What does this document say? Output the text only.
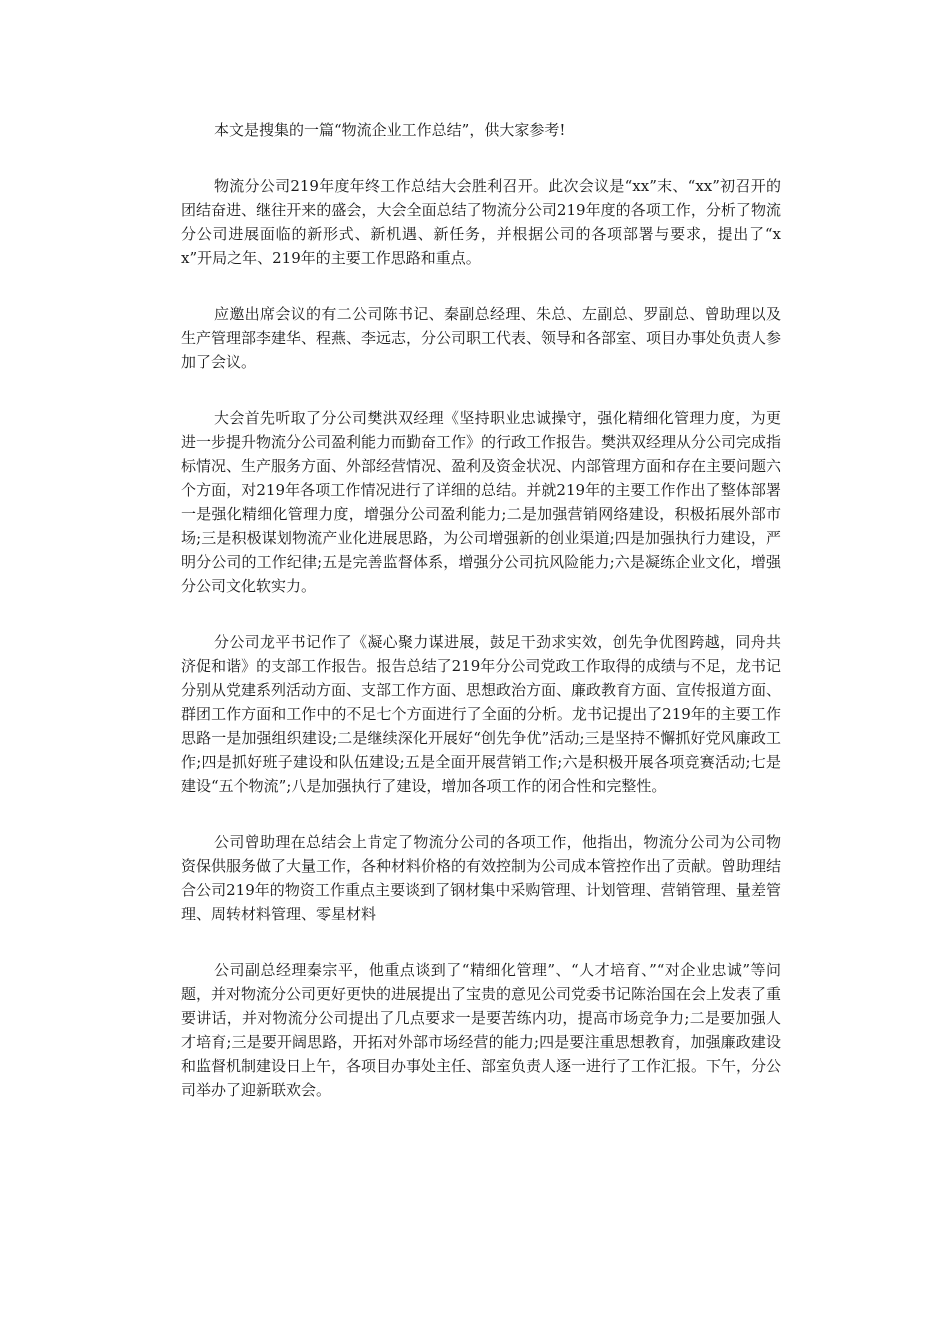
本文是搜集的一篇“物流企业工作总结”，供大家参考!

物流分公司219年度年终工作总结大会胜利召开。此次会议是“xx”末、“xx”初召开的团结奋进、继往开来的盛会，大会全面总结了物流分公司219年度的各项工作，分析了物流分公司进展面临的新形式、新机遇、新任务，并根据公司的各项部署与要求，提出了“xx”开局之年、219年的主要工作思路和重点。

应邀出席会议的有二公司陈书记、秦副总经理、朱总、左副总、罗副总、曾助理以及生产管理部李建华、程燕、李远志，分公司职工代表、领导和各部室、项目办事处负责人参加了会议。

大会首先听取了分公司樊洪双经理《坚持职业忠诚操守，强化精细化管理力度，为更进一步提升物流分公司盈利能力而勤奋工作》的行政工作报告。樊洪双经理从分公司完成指标情况、生产服务方面、外部经营情况、盈利及资金状况、内部管理方面和存在主要问题六个方面，对219年各项工作情况进行了详细的总结。并就219年的主要工作作出了整体部署一是强化精细化管理力度，增强分公司盈利能力;二是加强营销网络建设，积极拓展外部市场;三是积极谋划物流产业化进展思路，为公司增强新的创业渠道;四是加强执行力建设，严明分公司的工作纪律;五是完善监督体系，增强分公司抗风险能力;六是凝练企业文化，增强分公司文化软实力。

分公司龙平书记作了《凝心聚力谋进展，鼓足干劲求实效，创先争优图跨越，同舟共济促和谐》的支部工作报告。报告总结了219年分公司党政工作取得的成绩与不足，龙书记分别从党建系列活动方面、支部工作方面、思想政治方面、廉政教育方面、宣传报道方面、群团工作方面和工作中的不足七个方面进行了全面的分析。龙书记提出了219年的主要工作思路一是加强组织建设;二是继续深化开展好“创先争优”活动;三是坚持不懈抓好党风廉政工作;四是抓好班子建设和队伍建设;五是全面开展营销工作;六是积极开展各项竞赛活动;七是建设“五个物流”;八是加强执行了建设，增加各项工作的闭合性和完整性。

公司曾助理在总结会上肯定了物流分公司的各项工作，他指出，物流分公司为公司物资保供服务做了大量工作，各种材料价格的有效控制为公司成本管控作出了贡献。曾助理结合公司219年的物资工作重点主要谈到了钢材集中采购管理、计划管理、营销管理、量差管理、周转材料管理、零星材料

公司副总经理秦宗平，他重点谈到了“精细化管理”、“人才培育、”“对企业忠诚”等问题，并对物流分公司更好更快的进展提出了宝贵的意见公司党委书记陈治国在会上发表了重要讲话，并对物流分公司提出了几点要求一是要苦练内功，提高市场竞争力;二是要加强人才培育;三是要开阔思路，开拓对外部市场经营的能力;四是要注重思想教育，加强廉政建设和监督机制建设日上午，各项目办事处主任、部室负责人逐一进行了工作汇报。下午，分公司举办了迎新联欢会。
